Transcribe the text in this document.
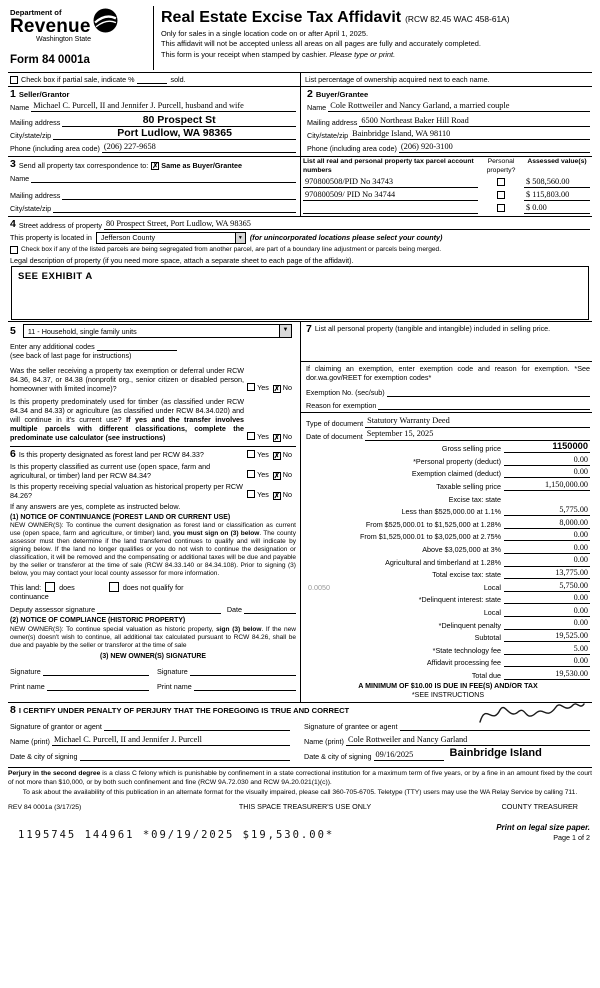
Department of
Revenue
Washington State
Form 84 0001a
Real Estate Excise Tax Affidavit (RCW 82.45 WAC 458-61A)
Only for sales in a single location code on or after April 1, 2025.
This affidavit will not be accepted unless all areas on all pages are fully and accurately completed.
This form is your receipt when stamped by cashier. Please type or print.
Check box if partial sale, indicate %	sold.	List percentage of ownership acquired next to each name.
1 Seller/Grantor
Name Michael C. Purcell, II and Jennifer J. Purcell, husband and wife
Mailing address	80 Prospect St
City/state/zip	Port Ludlow, WA 98365
Phone (including area code) (206) 227-9658
2 Buyer/Grantee
Name Cole Rottweiler and Nancy Garland, a married couple
Mailing address 6500 Northeast Baker Hill Road
City/state/zip Bainbridge Island, WA 98110
Phone (including area code) (206) 920-3100
3 Send all property tax correspondence to: ✗ Same as Buyer/Grantee
Name
Mailing address
City/state/zip
List all real and personal property tax parcel account numbers
Personal property?
Assessed value(s)
970800508/PID No 34743	$ 508,560.00
970800509/ PID No 34744	$ 115,803.00
$ 0.00
4 Street address of property 80 Prospect Street, Port Ludlow, WA 98365
This property is located in	Jefferson County	▼ (for unincorporated locations please select your county)
Check box if any of the listed parcels are being segregated from another parcel, are part of a boundary line adjustment or parcels being merged.
Legal description of property (if you need more space, attach a separate sheet to each page of the affidavit).
SEE EXHIBIT A
5	11 - Household, single family units	▼
Enter any additional codes
(see back of last page for instructions)
Was the seller receiving a property tax exemption or deferral under RCW 84.36, 84.37, or 84.38 (nonprofit org., senior citizen or disabled person, homeowner with limited income)?	Yes ✗ No
Is this property predominately used for timber (as classified under RCW 84.34 and 84.33) or agriculture (as classified under RCW 84.34.020) and will continue in it's current use? If yes and the transfer involves multiple parcels with different classifications, complete the predominate use calculator (see instructions)	Yes ✗ No
6 Is this property designated as forest land per RCW 84.33?	Yes ✗ No
Is this property classified as current use (open space, farm and agricultural, or timber) land per RCW 84.34?	Yes ✗ No
Is this property receiving special valuation as historical property per RCW 84.26?	Yes ✗ No
If any answers are yes, complete as instructed below.
(1) NOTICE OF CONTINUANCE (FOREST LAND OR CURRENT USE)
NEW OWNER(S): To continue the current designation as forest land or classification as current use (open space, farm and agriculture, or timber) land, you must sign on (3) below. The county assessor must then determine if the land transferred continues to qualify and will indicate by signing below. If the land no longer qualifies or you do not wish to continue the designation or classification, it will be removed and the compensating or additional taxes will be due and payable by the seller or transferor at the time of sale (RCW 84.33.140 or 84.34.108). Prior to signing (3) below, you may contact your local county assessor for more information.
This land:	does	does not qualify for
continuance
Deputy assessor signature	Date
(2) NOTICE OF COMPLIANCE (HISTORIC PROPERTY)
NEW OWNER(S): To continue special valuation as historic property, sign (3) below. If the new owner(s) doesn't wish to continue, all additional tax calculated pursuant to RCW 84.26, shall be due and payable by the seller or transferor at the time of sale
(3) NEW OWNER(S) SIGNATURE
Signature	Signature
Print name	Print name
7 List all personal property (tangible and intangible) included in selling price.
If claiming an exemption, enter exemption code and reason for exemption. *See dor.wa.gov/REET for exemption codes*
Exemption No. (sec/sub)
Reason for exemption
Type of document Statutory Warranty Deed
Date of document September 15, 2025
Gross selling price	1150000
*Personal property (deduct)	0.00
Exemption claimed (deduct)	0.00
Taxable selling price	1,150,000.00
Excise tax: state
Less than $525,000.00 at 1.1%	5,775.00
From $525,000.01 to $1,525,000 at 1.28%	8,000.00
From $1,525,000.01 to $3,025,000 at 2.75%	0.00
Above $3,025,000 at 3%	0.00
Agricultural and timberland at 1.28%	0.00
Total excise tax: state	13,775.00
0.0050	Local	5,750.00
*Delinquent interest: state	0.00
Local	0.00
*Delinquent penalty	0.00
Subtotal	19,525.00
*State technology fee	5.00
Affidavit processing fee	0.00
Total due	19,530.00
A MINIMUM OF $10.00 IS DUE IN FEE(S) AND/OR TAX
*SEE INSTRUCTIONS
8 I CERTIFY UNDER PENALTY OF PERJURY THAT THE FOREGOING IS TRUE AND CORRECT
Signature of grantor or agent
Name (print) Michael C. Purcell, II and Jennifer J. Purcell
Date & city of signing
Signature of grantee or agent
Name (print) Cole Rottweiler and Nancy Garland
Date & city of signing 09/16/2025	Bainbridge Island
Perjury in the second degree is a class C felony which is punishable by confinement in a state correctional institution for a maximum term of five years, or by a fine in an amount fixed by the court of not more than $10,000, or by both such confinement and fine (RCW 9A.72.030 and RCW 9A.20.021(1)(c)).
To ask about the availability of this publication in an alternate format for the visually impaired, please call 360-705-6705. Teletype (TTY) users may use the WA Relay Service by calling 711.
REV 84 0001a (3/17/25)	THIS SPACE TREASURER'S USE ONLY	COUNTY TREASURER
1195745 144961 *09/19/2025 $19,530.00*
Print on legal size paper.
Page 1 of 2
